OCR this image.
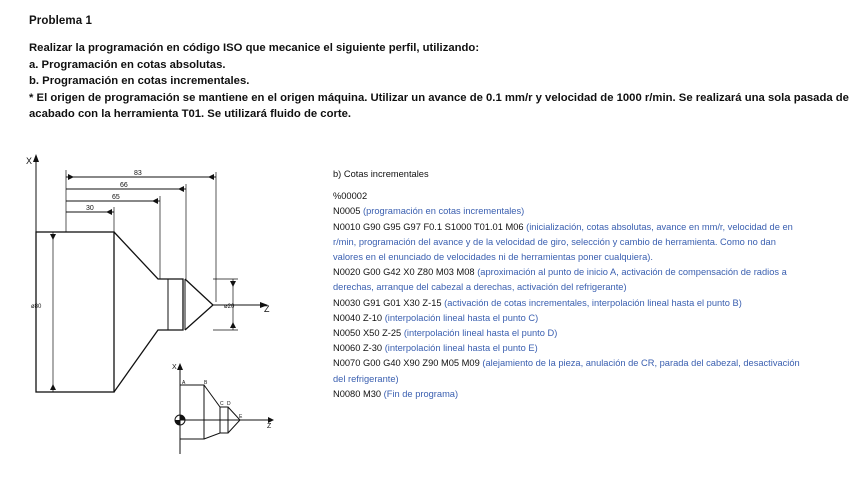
Problema 1
Realizar la programación en código ISO que mecanice el siguiente perfil, utilizando:
a. Programación en cotas absolutas.
b. Programación en cotas incrementales.
* El origen de programación se mantiene en el origen máquina. Utilizar un avance de 0.1 mm/r y velocidad de 1000 r/min. Se realizará una sola pasada de
acabado con la herramienta T01. Se utilizará fluido de corte.
X
Z
83
66
65
30
ø80	ø20
X
Z
A	B
C D
E
b) Cotas incrementales
%00002
N0005 (programación en cotas incrementales)
N0010 G90 G95 G97 F0.1 S1000 T01.01 M06 (inicialización, cotas absolutas, avance en mm/r, velocidad de en
r/min, programación del avance y de la velocidad de giro, selección y cambio de herramienta. Como no dan
valores en el enunciado de velocidades ni de herramientas poner cualquiera).
N0020 G00 G42 X0 Z80 M03 M08 (aproximación al punto de inicio A, activación de compensación de radios a
derechas, arranque del cabezal a derechas, activación del refrigerante)
N0030 G91 G01 X30 Z-15 (activación de cotas incrementales, interpolación lineal hasta el punto B)
N0040 Z-10 (interpolación lineal hasta el punto C)
N0050 X50 Z-25 (interpolación lineal hasta el punto D)
N0060 Z-30 (interpolación lineal hasta el punto E)
N0070 G00 G40 X90 Z90 M05 M09 (alejamiento de la pieza, anulación de CR, parada del cabezal, desactivación
del refrigerante)
N0080 M30 (Fin de programa)
